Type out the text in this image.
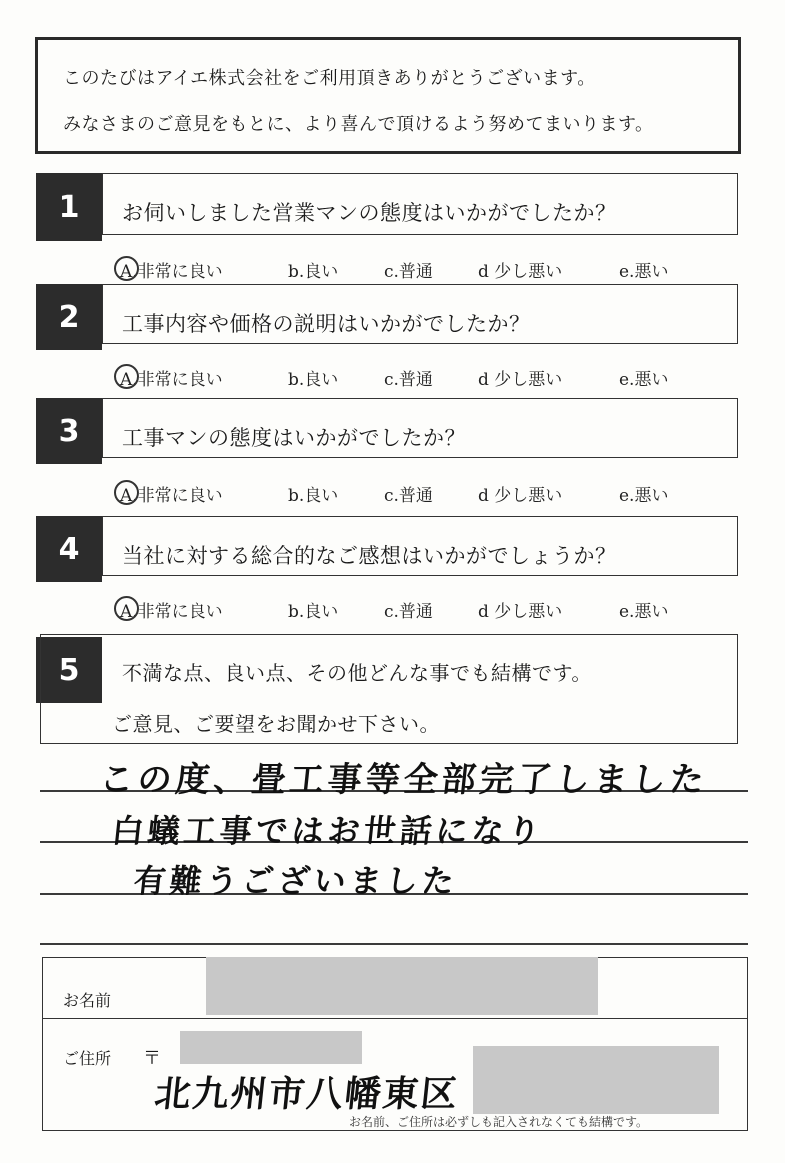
このたびはアイエ株式会社をご利用頂きありがとうございます。
みなさまのご意見をもとに、より喜んで頂けるよう努めてまいります。
1	お伺いしました営業マンの態度はいかがでしたか？
A.非常に良い	b.良い	c.普通	d 少し悪い	e.悪い
2	工事内容や価格の説明はいかがでしたか？
A.非常に良い	b.良い	c.普通	d 少し悪い	e.悪い
3	工事マンの態度はいかがでしたか？
A.非常に良い	b.良い	c.普通	d 少し悪い	e.悪い
4	当社に対する総合的なご感想はいかがでしょうか？
A.非常に良い	b.良い	c.普通	d 少し悪い	e.悪い
5	不満な点、良い点、その他どんな事でも結構です。
ご意見、ご要望をお聞かせ下さい。
この度、畳工事等全部完了しました
白蟻工事ではお世話になり
有難うございました
お名前
ご住所 〒
北九州市八幡東区
お名前、ご住所は必ずしも記入されなくても結構です。
